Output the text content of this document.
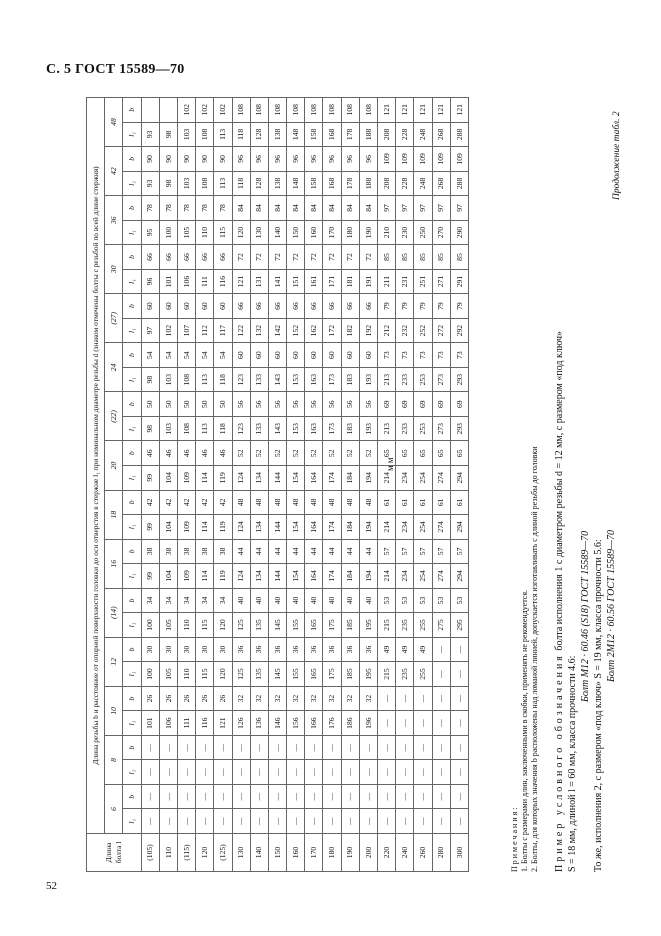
С. 5 ГОСТ 15589—70
мм
Продолжение табл. 2
52
Длина болта l	Длина резьбы b и расстояние от опорной поверхности головки до оси отверстия в стержне l₁ при номинальном диаметре резьбы d (знаком отмечены болты с резьбой по всей длине стержня)																													
	6		8		10		12		(14)		16		18		20		(22)		24		(27)		30		36		42		48	
	l₁	b	l₁	b	l₁	b	l₁	b	l₁	b	l₁	b	l₁	b	l₁	b	l₁	b	l₁	b	l₁	b	l₁	b	l₁	b	l₁	b	l₁	b
(105)	—	—	—	—	101	26	100	30	100	34	99	38	99	42	99	46	98	50	98	54	97	60	96	66	95	78	93	90	93	
110	—	—	—	—	106	26	105	30	105	34	104	38	104	42	104	46	103	50	103	54	102	60	101	66	100	78	98	90	98	
(115)	—	—	—	—	111	26	110	30	110	34	109	38	109	42	109	46	108	50	108	54	107	60	106	66	105	78	103	90	103	102
120	—	—	—	—	116	26	115	30	115	34	114	38	114	42	114	46	113	50	113	54	112	60	111	66	110	78	108	90	108	102
(125)	—	—	—	—	121	26	120	30	120	34	119	38	119	42	119	46	118	50	118	54	117	60	116	66	115	78	113	90	113	102
130	—	—	—	—	126	32	125	36	125	40	124	44	124	48	124	52	123	56	123	60	122	66	121	72	120	84	118	96	118	108
140	—	—	—	—	136	32	135	36	135	40	134	44	134	48	134	52	133	56	133	60	132	66	131	72	130	84	128	96	128	108
150	—	—	—	—	146	32	145	36	145	40	144	44	144	48	144	52	143	56	143	60	142	66	141	72	140	84	138	96	138	108
160	—	—	—	—	156	32	155	36	155	40	154	44	154	48	154	52	153	56	153	60	152	66	151	72	150	84	148	96	148	108
170	—	—	—	—	166	32	165	36	165	40	164	44	164	48	164	52	163	56	163	60	162	66	161	72	160	84	158	96	158	108
180	—	—	—	—	176	32	175	36	175	40	174	44	174	48	174	52	173	56	173	60	172	66	171	72	170	84	168	96	168	108
190	—	—	—	—	186	32	185	36	185	40	184	44	184	48	184	52	183	56	183	60	182	66	181	72	180	84	178	96	178	108
200	—	—	—	—	196	32	195	36	195	40	194	44	194	48	194	52	193	56	193	60	192	66	191	72	190	84	188	96	188	108
220	—	—	—	—	—	—	215	49	215	53	214	57	214	61	214	65	213	69	213	73	212	79	211	85	210	97	208	109	208	121
240	—	—	—	—	—	—	235	49	235	53	234	57	234	61	234	65	233	69	233	73	232	79	231	85	230	97	228	109	228	121
260	—	—	—	—	—	—	255	49	255	53	254	57	254	61	254	65	253	69	253	73	252	79	251	85	250	97	248	109	248	121
280	—	—	—	—	—	—	—	—	275	53	274	57	274	61	274	65	273	69	273	73	272	79	271	85	270	97	268	109	268	121
300	—	—	—	—	—	—	—	—	295	53	294	57	294	61	294	65	293	69	293	73	292	79	291	85	290	97	288	109	288	121
Примечания: 1. Болты с размерами длин, заключенными в скобки, применять не рекомендуется. 2. Болты, для которых значения b расположены над ломаной линией, допускается изготавливать с длиной резьбы до головки Пример условного обозначения болта исполнения 1 с диаметром резьбы d = 12 мм, с размером «под ключ»
S = 18 мм, длиной l = 60 мм, класса прочности 4.6:
Болт M12 · 60.46 (S18) ГОСТ 15589—70 То же, исполнения 2, с размером «под ключ» S = 19 мм, класса прочности 5.6: Болт 2M12 · 60.56 ГОСТ 15589—70
